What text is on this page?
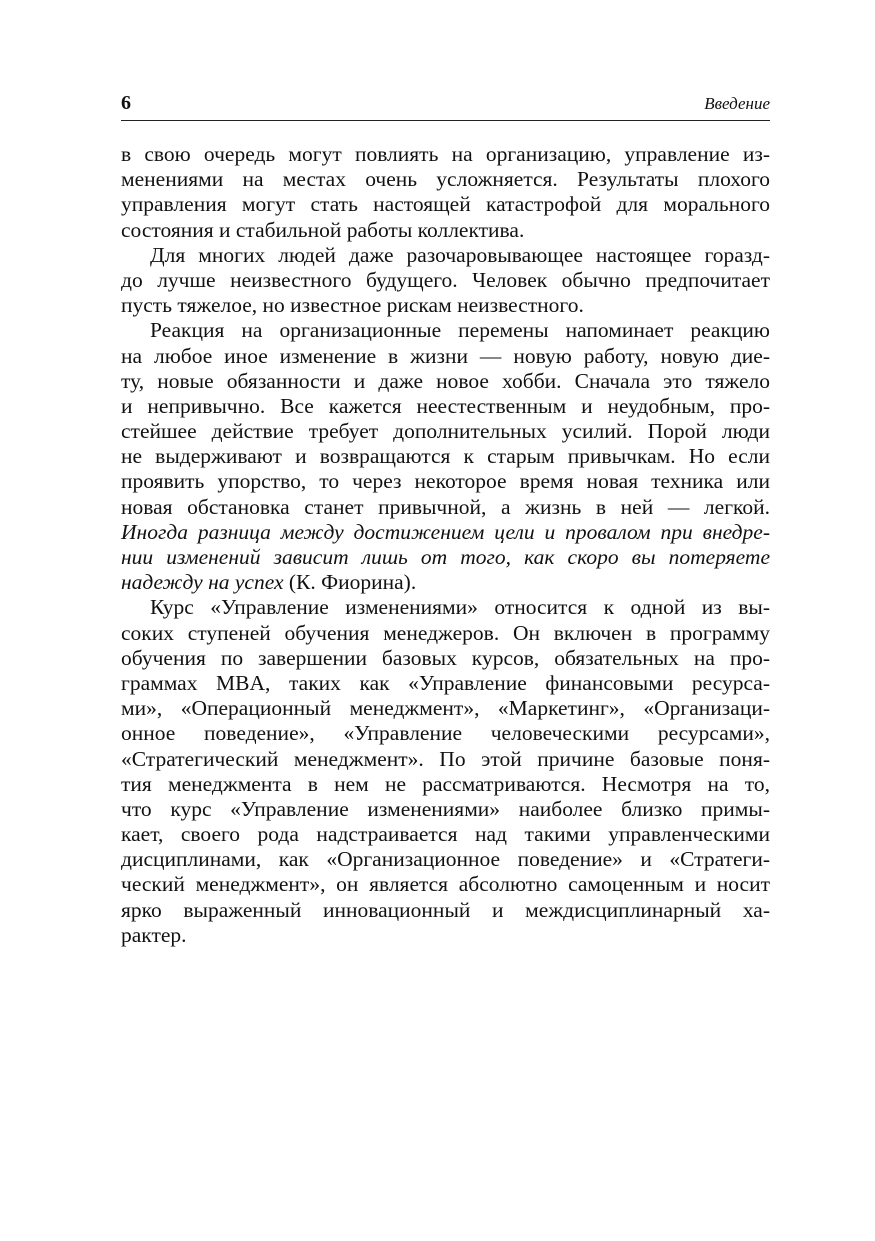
6	Введение

в свою очередь могут повлиять на организацию, управление из-
менениями на местах очень усложняется. Результаты плохого
управления могут стать настоящей катастрофой для морального
состояния и стабильной работы коллектива.

Для многих людей даже разочаровывающее настоящее горазд-
до лучше неизвестного будущего. Человек обычно предпочитает
пусть тяжелое, но известное рискам неизвестного.

Реакция на организационные перемены напоминает реакцию
на любое иное изменение в жизни — новую работу, новую дие-
ту, новые обязанности и даже новое хобби. Сначала это тяжело
и непривычно. Все кажется неестественным и неудобным, про-
стейшее действие требует дополнительных усилий. Порой люди
не выдерживают и возвращаются к старым привычкам. Но если
проявить упорство, то через некоторое время новая техника или
новая обстановка станет привычной, а жизнь в ней — легкой.
Иногда разница между достижением цели и провалом при внедре-
нии изменений зависит лишь от того, как скоро вы потеряете
надежду на успех (К. Фиорина).

Курс «Управление изменениями» относится к одной из вы-
соких ступеней обучения менеджеров. Он включен в программу
обучения по завершении базовых курсов, обязательных на про-
граммах MBA, таких как «Управление финансовыми ресурса-
ми», «Операционный менеджмент», «Маркетинг», «Организаци-
онное поведение», «Управление человеческими ресурсами»,
«Стратегический менеджмент». По этой причине базовые поня-
тия менеджмента в нем не рассматриваются. Несмотря на то,
что курс «Управление изменениями» наиболее близко примы-
кает, своего рода надстраивается над такими управленческими
дисциплинами, как «Организационное поведение» и «Стратеги-
ческий менеджмент», он является абсолютно самоценным и носит
ярко выраженный инновационный и междисциплинарный ха-
рактер.
